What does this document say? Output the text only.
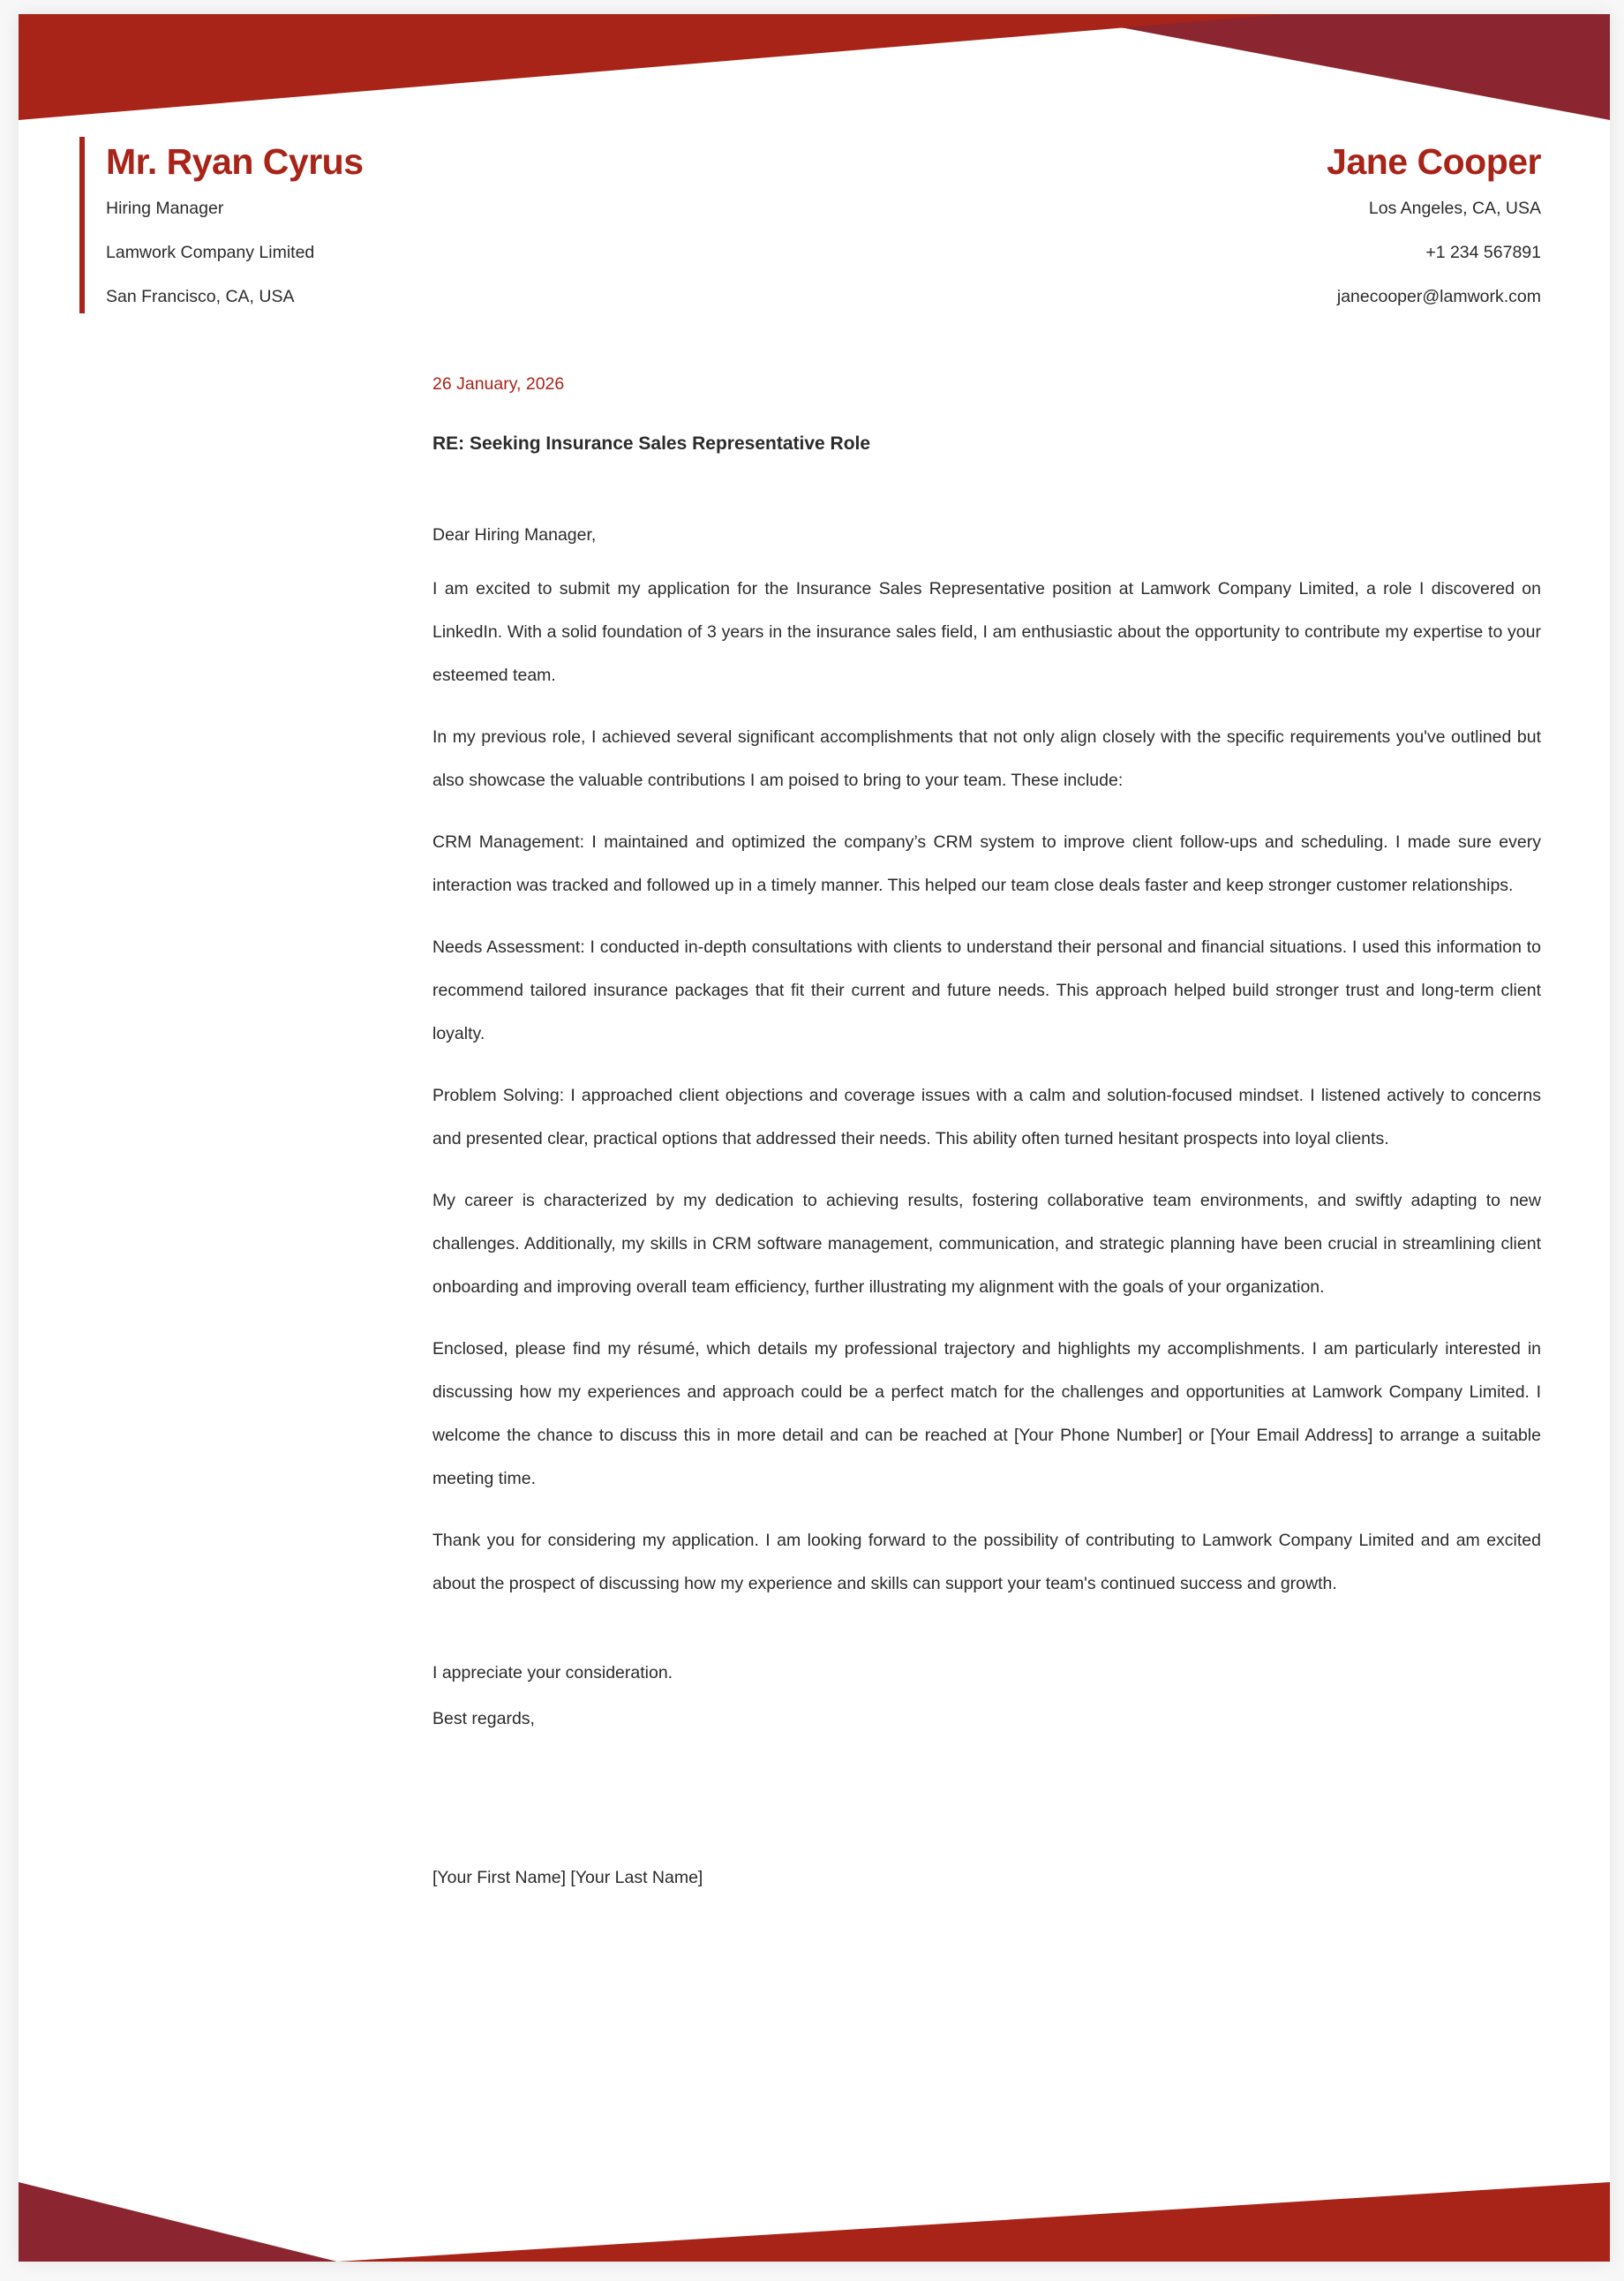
Mr. Ryan Cyrus

Hiring Manager

Lamwork Company Limited

San Francisco, CA, USA

Jane Cooper

Los Angeles, CA, USA

+1 234 567891

janecooper@lamwork.com

26 January, 2026

RE: Seeking Insurance Sales Representative Role

Dear Hiring Manager,

I am excited to submit my application for the Insurance Sales Representative position at Lamwork Company Limited, a role I discovered on LinkedIn. With a solid foundation of 3 years in the insurance sales field, I am enthusiastic about the opportunity to contribute my expertise to your esteemed team.

In my previous role, I achieved several significant accomplishments that not only align closely with the specific requirements you've outlined but also showcase the valuable contributions I am poised to bring to your team. These include:

CRM Management: I maintained and optimized the company’s CRM system to improve client follow-ups and scheduling. I made sure every interaction was tracked and followed up in a timely manner. This helped our team close deals faster and keep stronger customer relationships.

Needs Assessment: I conducted in-depth consultations with clients to understand their personal and financial situations. I used this information to recommend tailored insurance packages that fit their current and future needs. This approach helped build stronger trust and long-term client loyalty.

Problem Solving: I approached client objections and coverage issues with a calm and solution-focused mindset. I listened actively to concerns and presented clear, practical options that addressed their needs. This ability often turned hesitant prospects into loyal clients.

My career is characterized by my dedication to achieving results, fostering collaborative team environments, and swiftly adapting to new challenges. Additionally, my skills in CRM software management, communication, and strategic planning have been crucial in streamlining client onboarding and improving overall team efficiency, further illustrating my alignment with the goals of your organization.

Enclosed, please find my résumé, which details my professional trajectory and highlights my accomplishments. I am particularly interested in discussing how my experiences and approach could be a perfect match for the challenges and opportunities at Lamwork Company Limited. I welcome the chance to discuss this in more detail and can be reached at [Your Phone Number] or [Your Email Address] to arrange a suitable meeting time.

Thank you for considering my application. I am looking forward to the possibility of contributing to Lamwork Company Limited and am excited about the prospect of discussing how my experience and skills can support your team's continued success and growth.

I appreciate your consideration.
Best regards,

[Your First Name] [Your Last Name]
